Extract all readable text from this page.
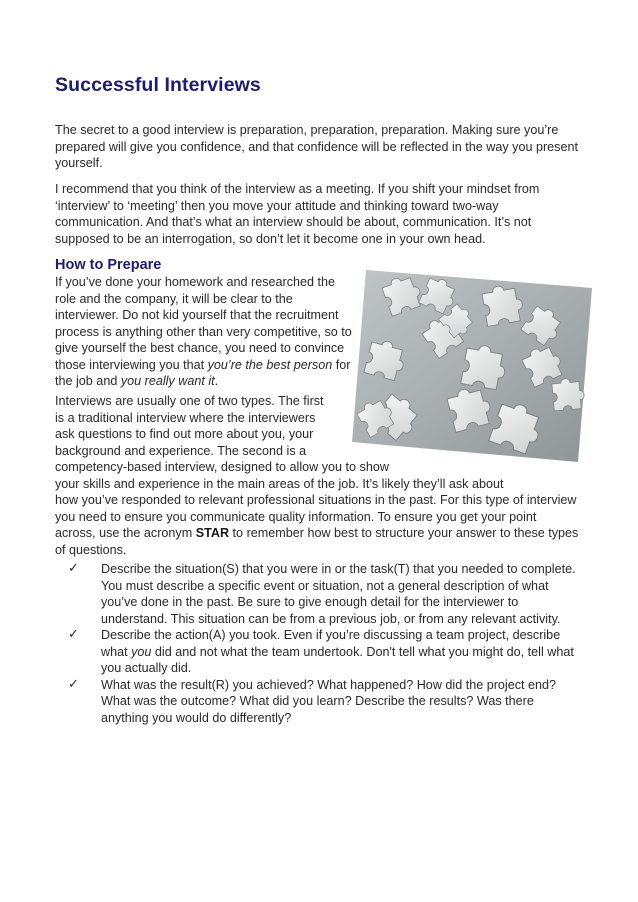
Successful Interviews

The secret to a good interview is preparation, preparation, preparation. Making sure you’re prepared will give you confidence, and that confidence will be reflected in the way you present yourself.

I recommend that you think of the interview as a meeting. If you shift your mindset from ‘interview’ to ‘meeting’ then you move your attitude and thinking toward two-way communication. And that’s what an interview should be about, communication. It’s not supposed to be an interrogation, so don’t let it become one in your own head.

How to Prepare

If you’ve done your homework and researched the role and the company, it will be clear to the interviewer. Do not kid yourself that the recruitment process is anything other than very competitive, so to give yourself the best chance, you need to convince those interviewing you that you’re the best person for the job and you really want it.

Interviews are usually one of two types. The first
is a traditional interview where the interviewers
ask questions to find out more about you, your
background and experience. The second is a
competency-based interview, designed to allow you to show
your skills and experience in the main areas of the job. It’s likely they’ll ask about
how you’ve responded to relevant professional situations in the past. For this type of interview you need to ensure you communicate quality information. To ensure you get your point across, use the acronym STAR to remember how best to structure your answer to these types of questions.

✓	Describe the situation(S) that you were in or the task(T) that you needed to complete. You must describe a specific event or situation, not a general description of what you’ve done in the past. Be sure to give enough detail for the interviewer to understand. This situation can be from a previous job, or from any relevant activity.
✓	Describe the action(A) you took. Even if you’re discussing a team project, describe what you did and not what the team undertook. Don't tell what you might do, tell what you actually did.
✓	What was the result(R) you achieved? What happened? How did the project end? What was the outcome? What did you learn? Describe the results? Was there anything you would do differently?
